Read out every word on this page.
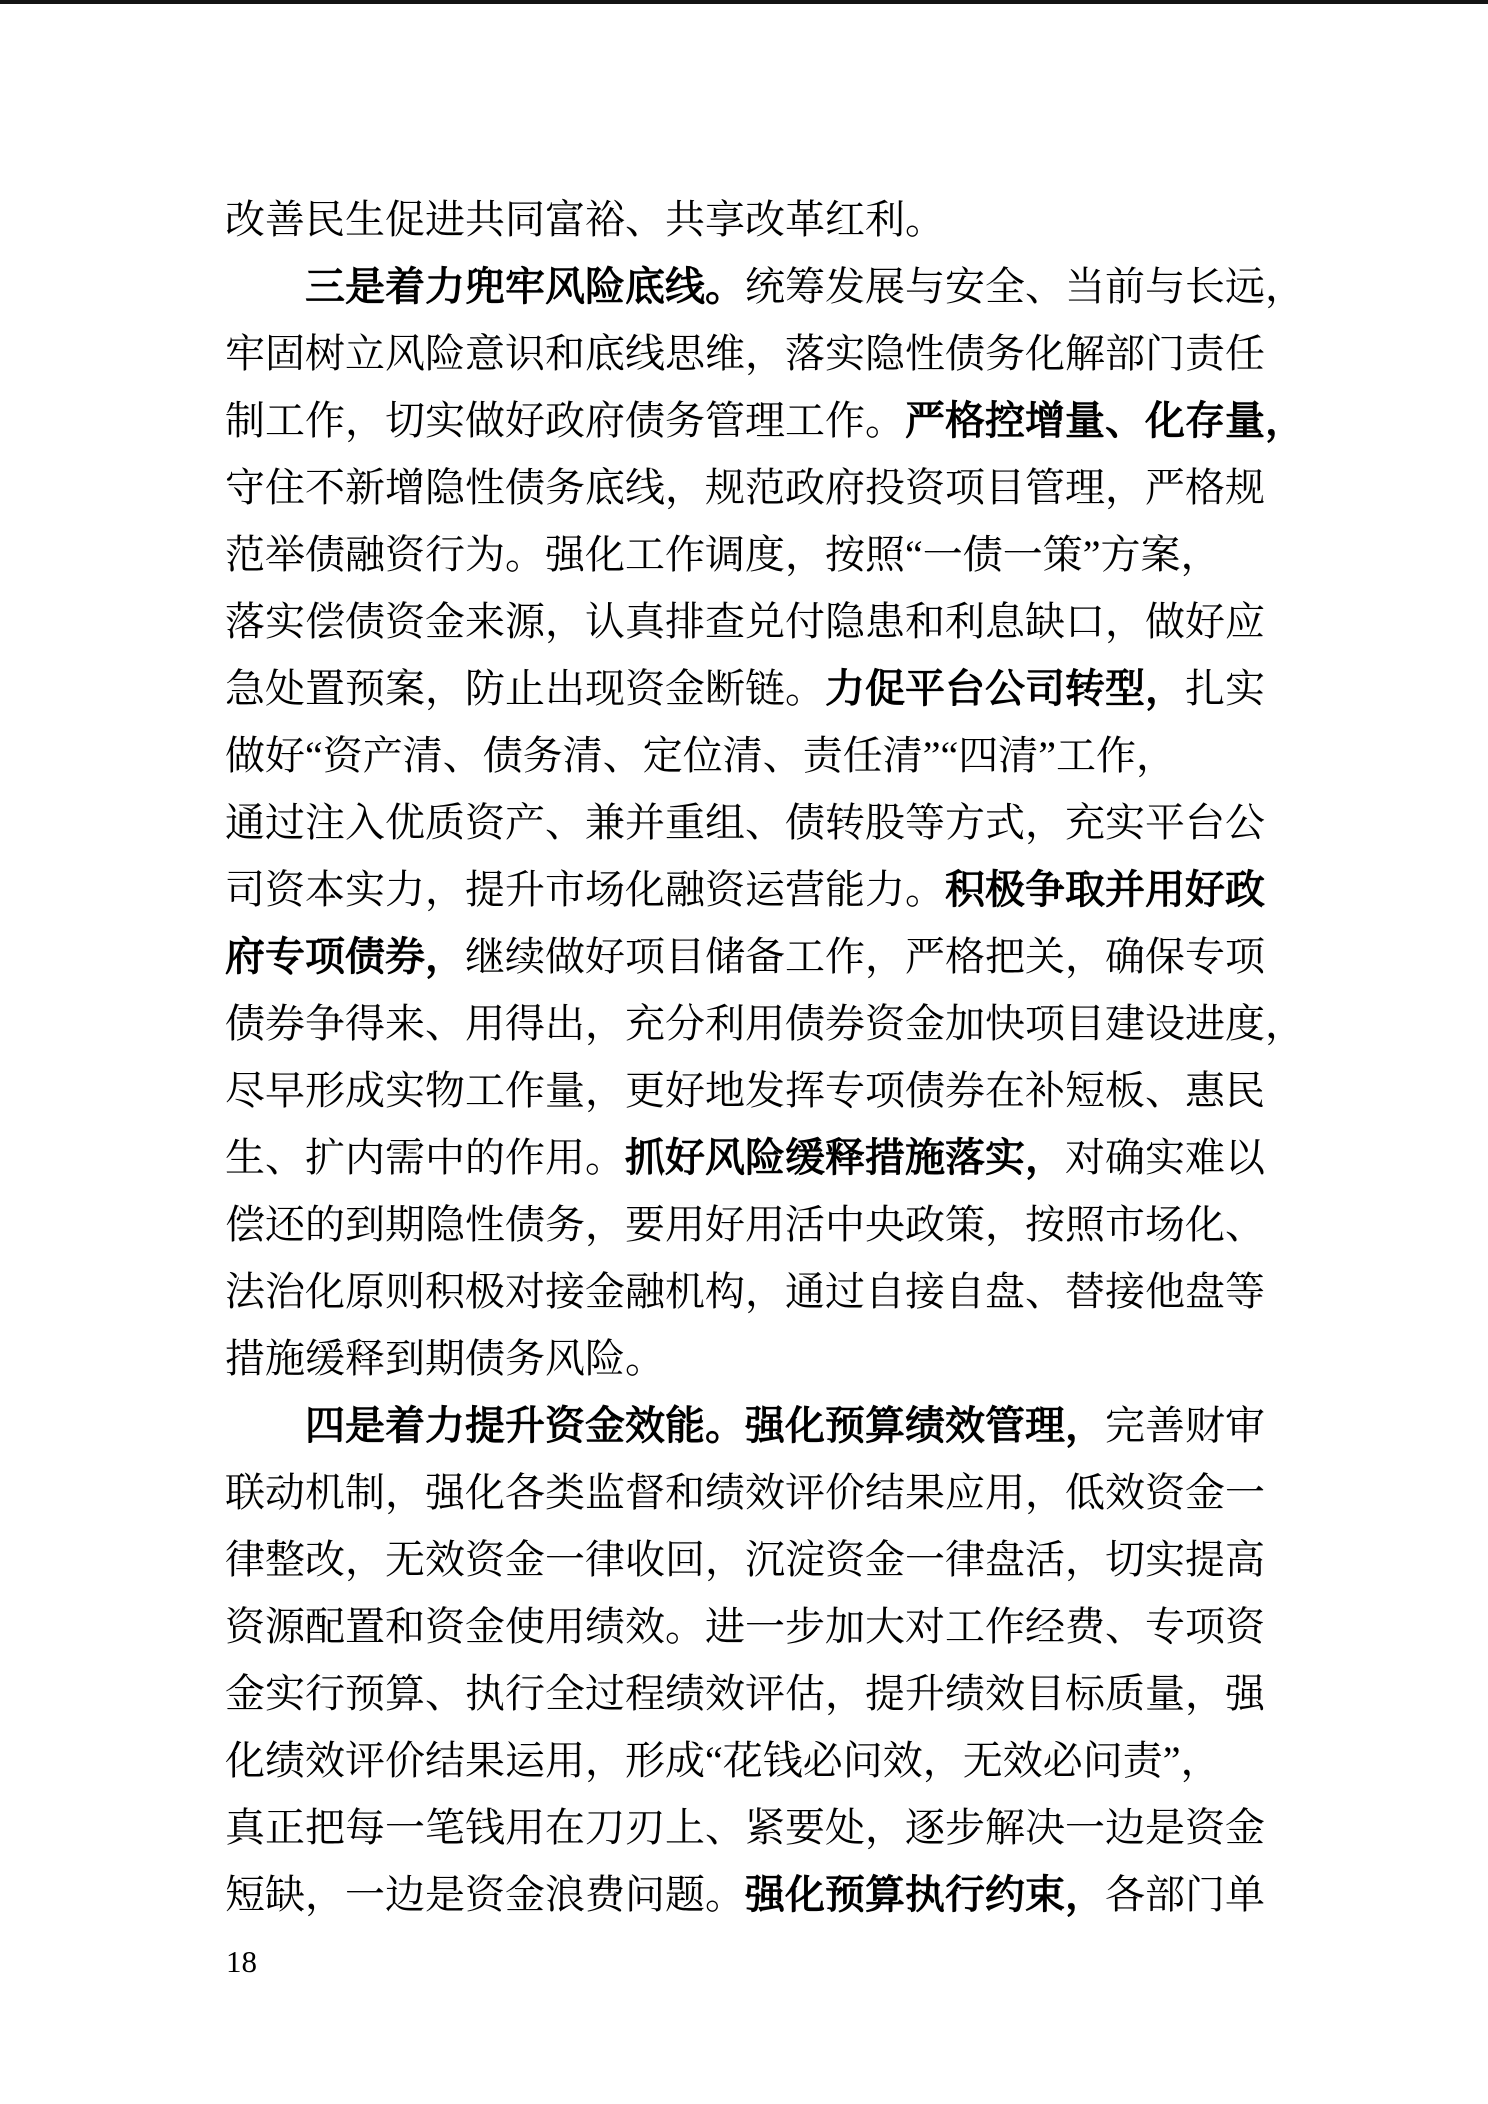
改善民生促进共同富裕、共享改革红利。
三是着力兜牢风险底线。统筹发展与安全、当前与长远，
牢固树立风险意识和底线思维，落实隐性债务化解部门责任
制工作，切实做好政府债务管理工作。严格控增量、化存量，
守住不新增隐性债务底线，规范政府投资项目管理，严格规
范举债融资行为。强化工作调度，按照“一债一策”方案，
落实偿债资金来源，认真排查兑付隐患和利息缺口，做好应
急处置预案，防止出现资金断链。力促平台公司转型，扎实
做好“资产清、债务清、定位清、责任清”“四清”工作，
通过注入优质资产、兼并重组、债转股等方式，充实平台公
司资本实力，提升市场化融资运营能力。积极争取并用好政
府专项债券，继续做好项目储备工作，严格把关，确保专项
债券争得来、用得出，充分利用债券资金加快项目建设进度，
尽早形成实物工作量，更好地发挥专项债券在补短板、惠民
生、扩内需中的作用。抓好风险缓释措施落实，对确实难以
偿还的到期隐性债务，要用好用活中央政策，按照市场化、
法治化原则积极对接金融机构，通过自接自盘、替接他盘等
措施缓释到期债务风险。
四是着力提升资金效能。强化预算绩效管理，完善财审
联动机制，强化各类监督和绩效评价结果应用，低效资金一
律整改，无效资金一律收回，沉淀资金一律盘活，切实提高
资源配置和资金使用绩效。进一步加大对工作经费、专项资
金实行预算、执行全过程绩效评估，提升绩效目标质量，强
化绩效评价结果运用，形成“花钱必问效，无效必问责”，
真正把每一笔钱用在刀刃上、紧要处，逐步解决一边是资金
短缺，一边是资金浪费问题。强化预算执行约束，各部门单
18
